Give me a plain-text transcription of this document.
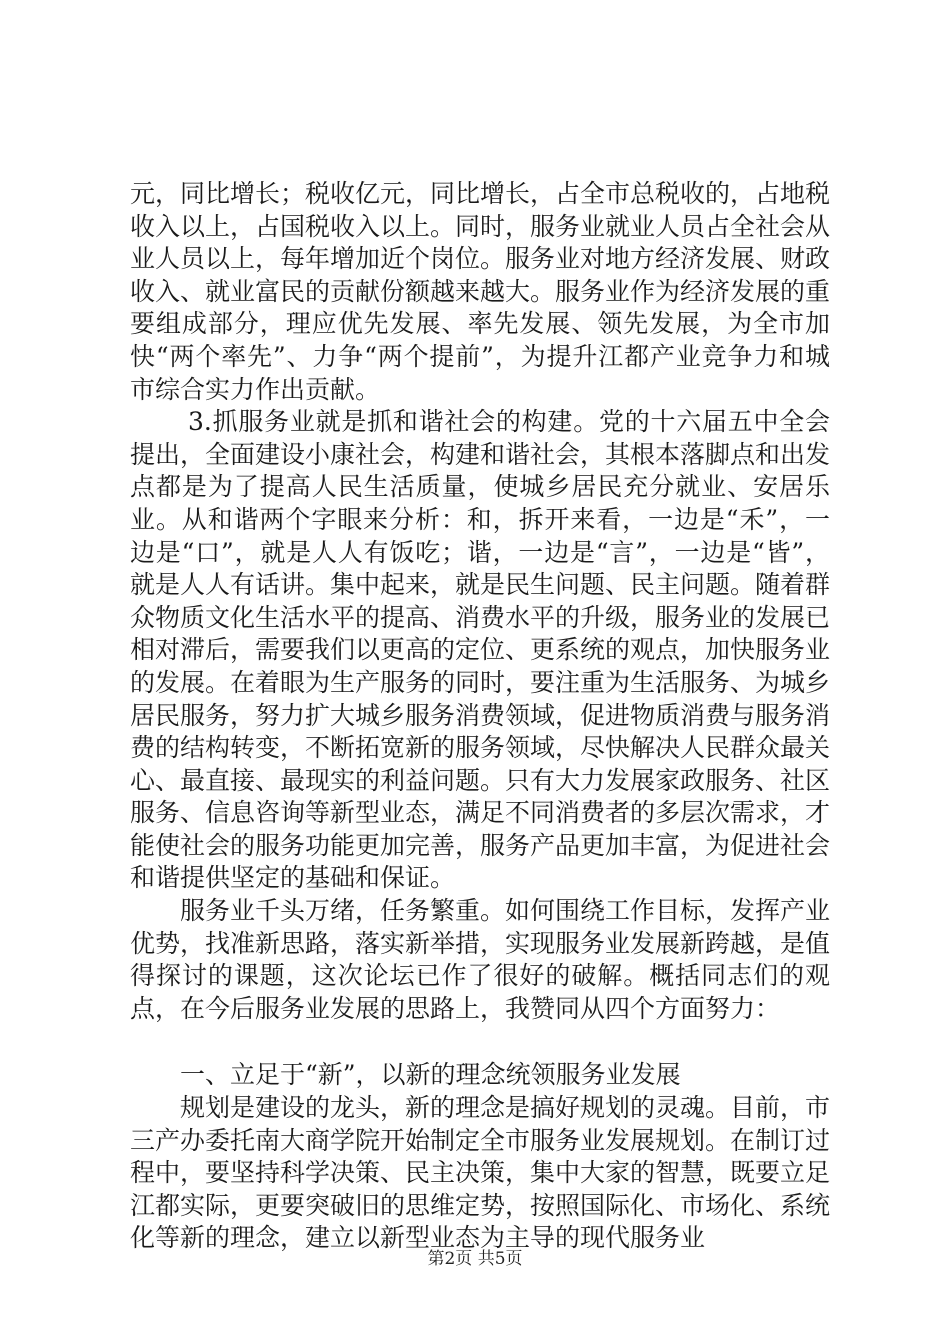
元，同比增长；税收亿元，同比增长，占全市总税收的，占地税收入以上，占国税收入以上。同时，服务业就业人员占全社会从业人员以上，每年增加近个岗位。服务业对地方经济发展、财政收入、就业富民的贡献份额越来越大。服务业作为经济发展的重要组成部分，理应优先发展、率先发展、领先发展，为全市加快“两个率先”、力争“两个提前”，为提升江都产业竞争力和城市综合实力作出贡献。

3.抓服务业就是抓和谐社会的构建。党的十六届五中全会提出，全面建设小康社会，构建和谐社会，其根本落脚点和出发点都是为了提高人民生活质量，使城乡居民充分就业、安居乐业。从和谐两个字眼来分析：和，拆开来看，一边是“禾”，一边是“口”，就是人人有饭吃；谐，一边是“言”，一边是“皆”，就是人人有话讲。集中起来，就是民生问题、民主问题。随着群众物质文化生活水平的提高、消费水平的升级，服务业的发展已相对滞后，需要我们以更高的定位、更系统的观点，加快服务业的发展。在着眼为生产服务的同时，要注重为生活服务、为城乡居民服务，努力扩大城乡服务消费领域，促进物质消费与服务消费的结构转变，不断拓宽新的服务领域，尽快解决人民群众最关心、最直接、最现实的利益问题。只有大力发展家政服务、社区服务、信息咨询等新型业态，满足不同消费者的多层次需求，才能使社会的服务功能更加完善，服务产品更加丰富，为促进社会和谐提供坚定的基础和保证。

服务业千头万绪，任务繁重。如何围绕工作目标，发挥产业优势，找准新思路，落实新举措，实现服务业发展新跨越，是值得探讨的课题，这次论坛已作了很好的破解。概括同志们的观点，在今后服务业发展的思路上，我赞同从四个方面努力：

一、立足于“新”，以新的理念统领服务业发展

规划是建设的龙头，新的理念是搞好规划的灵魂。目前，市三产办委托南大商学院开始制定全市服务业发展规划。在制订过程中，要坚持科学决策、民主决策，集中大家的智慧，既要立足江都实际，更要突破旧的思维定势，按照国际化、市场化、系统化等新的理念，建立以新型业态为主导的现代服务业

第2页 共5页
